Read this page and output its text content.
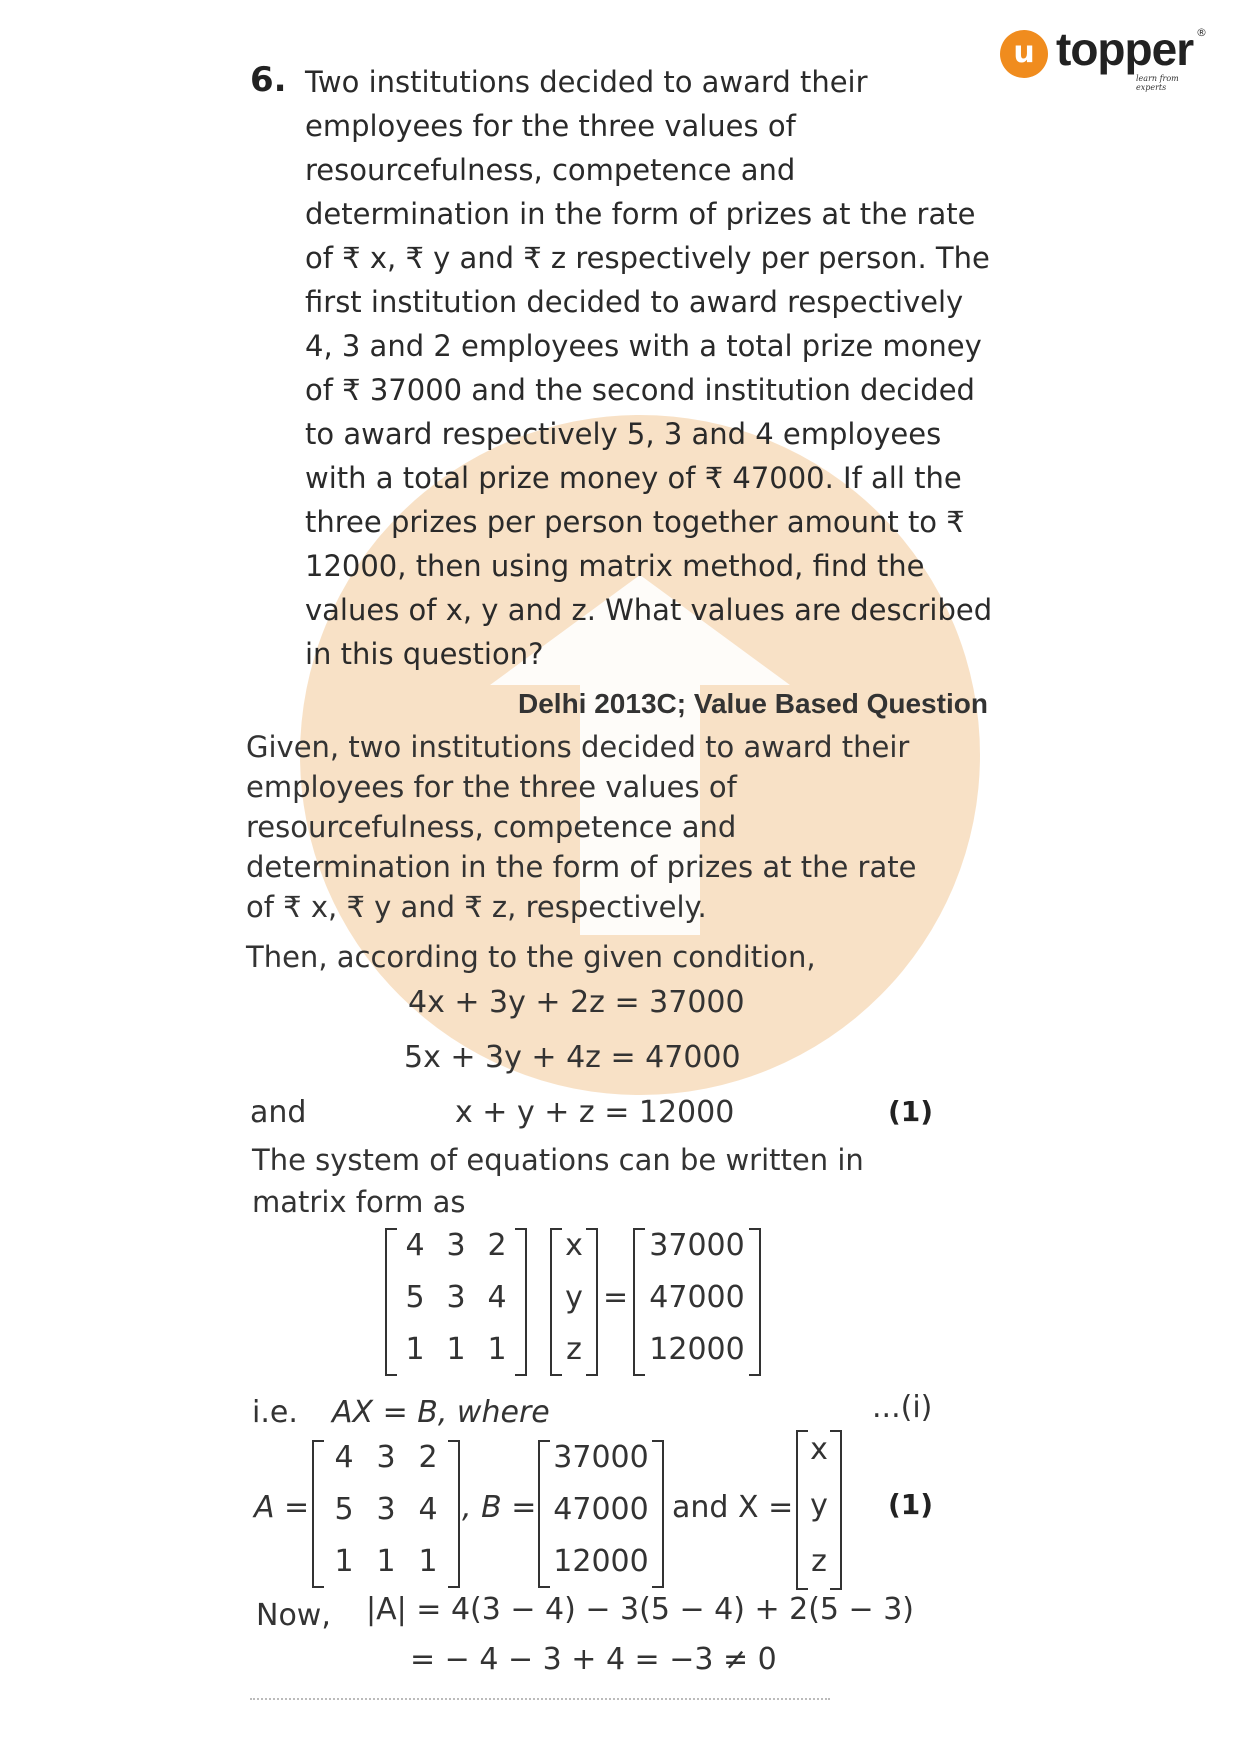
u topper ®
learn from experts
6. Two institutions decided to award their
employees for the three values of
resourcefulness, competence and
determination in the form of prizes at the rate
of ₹ x, ₹ y and ₹ z respectively per person. The
first institution decided to award respectively
4, 3 and 2 employees with a total prize money
of ₹ 37000 and the second institution decided
to award respectively 5, 3 and 4 employees
with a total prize money of ₹ 47000. If all the
three prizes per person together amount to ₹
12000, then using matrix method, find the
values of x, y and z. What values are described
in this question?
Delhi 2013C; Value Based Question
Given, two institutions decided to award their
employees for the three values of
resourcefulness, competence and
determination in the form of prizes at the rate
of ₹ x, ₹ y and ₹ z, respectively.
Then, according to the given condition,
4x + 3y + 2z = 37000
5x + 3y + 4z = 47000
and	x + y + z = 12000	(1)
The system of equations can be written in
matrix form as
4 3 2
5 3 4
1 1 1
x
y
z
=
37000
47000
12000
i.e. AX = B, where	...(i)
A =
4 3 2
5 3 4
1 1 1
, B =
37000
47000
12000
and X =
x
y
z
(1)
Now, |A| = 4(3 − 4) − 3(5 − 4) + 2(5 − 3)
= − 4 − 3 + 4 = −3 ≠ 0
